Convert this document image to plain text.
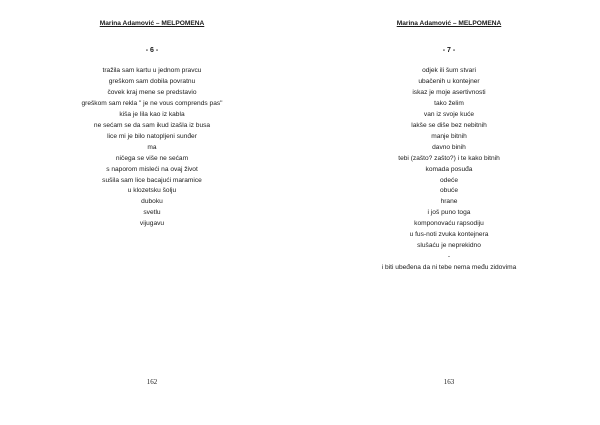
Marina Adamović – MELPOMENA
- 6 -
tražila sam kartu u jednom pravcu
greškom sam dobila povratnu
čovek kraj mene se predstavio
greškom sam rekla " je ne vous comprends pas"
kiša je lila kao iz kabla
ne sećam se da sam ikud izašla iz busa
lice mi je bilo natopljeni sunđer
ma
ničega se više ne sećam
s naporom misleći na ovaj život
sušila sam lice bacajući maramice
u klozetsku šolju
duboku
svetlu
vijugavu
162
Marina Adamović – MELPOMENA
- 7 -
odjek ili šum stvari
ubačenih u kontejner
iskaz je moje asertivnosti
tako želim
van iz svoje kuće
lakše se diše bez nebitnih
manje bitnih
davno binih
tebi (zašto? zašto?) i te kako bitnih
komada posuđa
odeće
obuće
hrane
i još puno toga
komponovaću rapsodiju
u fus-noti zvuka kontejnera
slušaću je neprekidno
-
i biti ubeđena da ni tebe nema među zidovima
163
